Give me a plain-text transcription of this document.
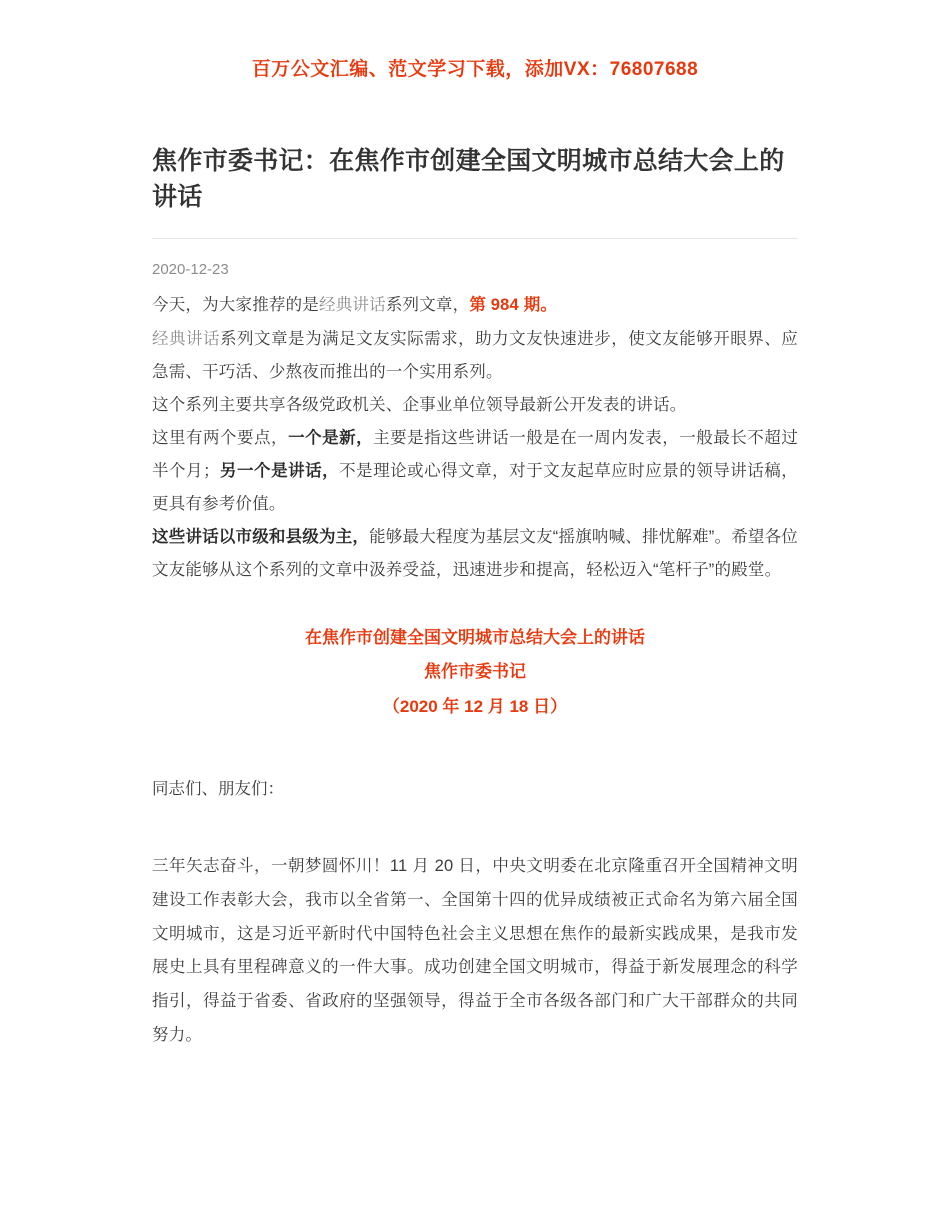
百万公文汇编、范文学习下载，添加VX：76807688
焦作市委书记：在焦作市创建全国文明城市总结大会上的讲话
2020-12-23

今天，为大家推荐的是经典讲话系列文章，第 984 期。

经典讲话系列文章是为满足文友实际需求，助力文友快速进步，使文友能够开眼界、应急需、干巧活、少熬夜而推出的一个实用系列。

这个系列主要共享各级党政机关、企事业单位领导最新公开发表的讲话。

这里有两个要点，一个是新，主要是指这些讲话一般是在一周内发表，一般最长不超过半个月；另一个是讲话，不是理论或心得文章，对于文友起草应时应景的领导讲话稿，更具有参考价值。

这些讲话以市级和县级为主，能够最大程度为基层文友“摇旗呐喊、排忧解难”。希望各位文友能够从这个系列的文章中汲养受益，迅速进步和提高，轻松迈入“笔杆子”的殿堂。

在焦作市创建全国文明城市总结大会上的讲话
焦作市委书记
（2020 年 12 月 18 日）
同志们、朋友们：
三年矢志奋斗，一朝梦圆怀川！11 月 20 日，中央文明委在北京隆重召开全国精神文明建设工作表彰大会，我市以全省第一、全国第十四的优异成绩被正式命名为第六届全国文明城市，这是习近平新时代中国特色社会主义思想在焦作的最新实践成果，是我市发展史上具有里程碑意义的一件大事。成功创建全国文明城市，得益于新发展理念的科学指引，得益于省委、省政府的坚强领导，得益于全市各级各部门和广大干部群众的共同努力。
